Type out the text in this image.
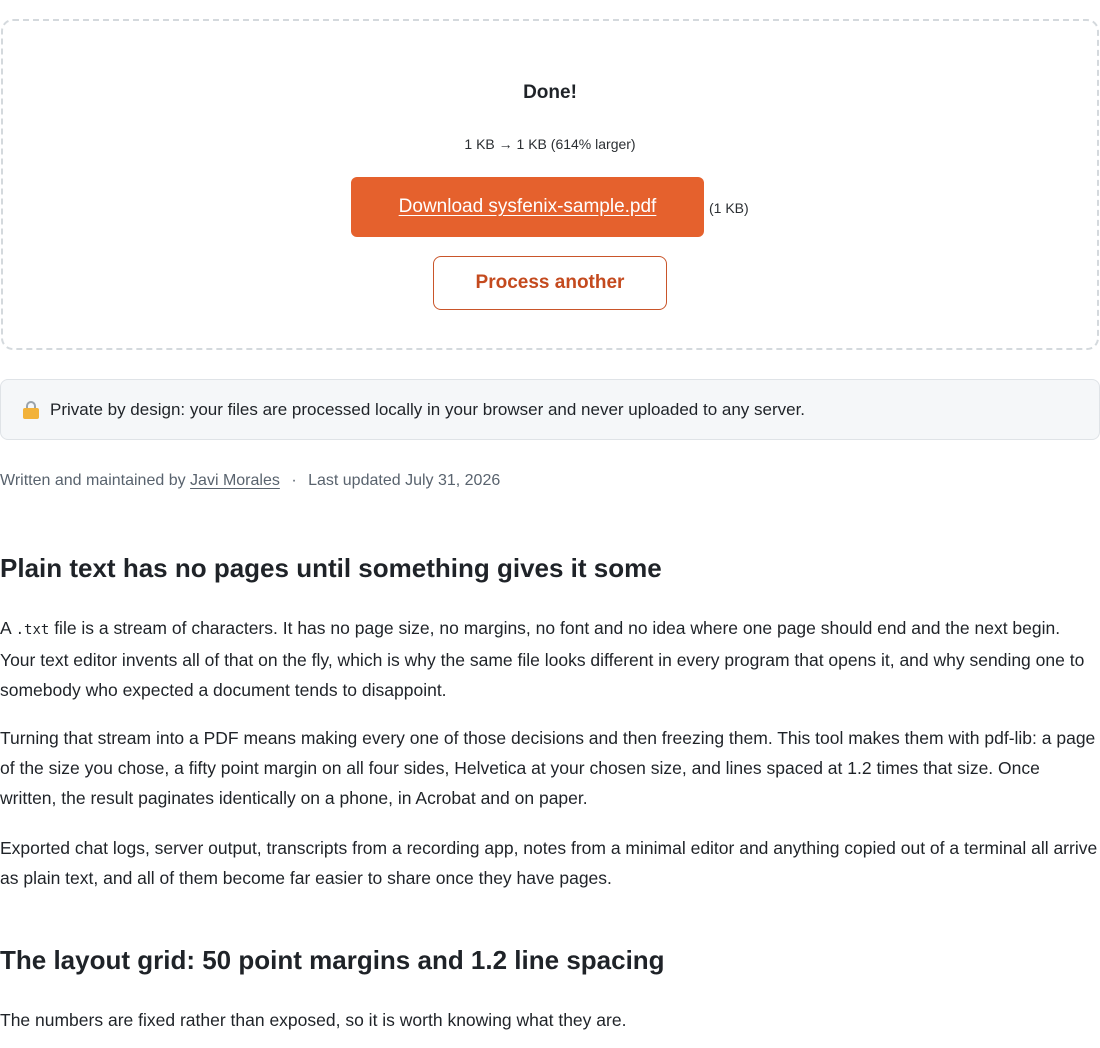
Done!
1 KB → 1 KB (614% larger)
Download sysfenix-sample.pdf	(1 KB)
Process another
Private by design: your files are processed locally in your browser and never uploaded to any server.
Written and maintained by Javi Morales · Last updated July 31, 2026
Plain text has no pages until something gives it some

A .txt file is a stream of characters. It has no page size, no margins, no font and no idea where one page should end and the next begin. Your text editor invents all of that on the fly, which is why the same file looks different in every program that opens it, and why sending one to somebody who expected a document tends to disappoint.

Turning that stream into a PDF means making every one of those decisions and then freezing them. This tool makes them with pdf-lib: a page of the size you chose, a fifty point margin on all four sides, Helvetica at your chosen size, and lines spaced at 1.2 times that size. Once written, the result paginates identically on a phone, in Acrobat and on paper.

Exported chat logs, server output, transcripts from a recording app, notes from a minimal editor and anything copied out of a terminal all arrive as plain text, and all of them become far easier to share once they have pages.

The layout grid: 50 point margins and 1.2 line spacing

The numbers are fixed rather than exposed, so it is worth knowing what they are.
